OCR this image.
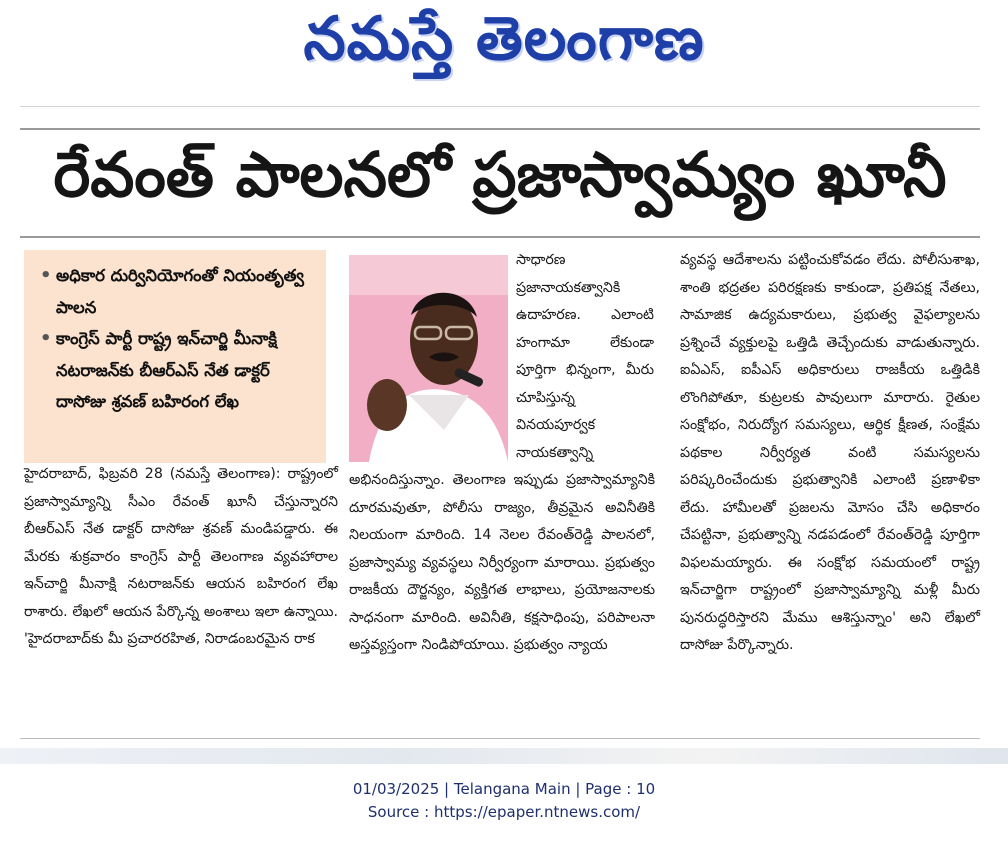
నమస్తే తెలంగాణ
రేవంత్ పాలనలో ప్రజాస్వామ్యం ఖూనీ
• అధికార దుర్వినియోగంతో నియంతృత్వ పాలన
• కాంగ్రెస్ పార్టీ రాష్ట్ర ఇన్‌చార్జి మీనాక్షి నటరాజన్‌కు బీఆర్‌ఎస్ నేత డాక్టర్ దాసోజు శ్రవణ్ బహిరంగ లేఖ
హైదరాబాద్, ఫిబ్రవరి 28 (నమస్తే తెలంగాణ): రాష్ట్రంలో ప్రజాస్వామ్యాన్ని సీఎం రేవంత్ ఖూనీ చేస్తున్నారని బీఆర్‌ఎస్ నేత డాక్టర్ దాసోజు శ్రవణ్ మండిపడ్డారు. ఈ మేరకు శుక్రవారం కాంగ్రెస్ పార్టీ తెలంగాణ వ్యవహారాల ఇన్‌చార్జి మీనాక్షి నటరాజన్‌కు ఆయన బహిరంగ లేఖ రాశారు. లేఖలో ఆయన పేర్కొన్న అంశాలు ఇలా ఉన్నాయి. 'హైదరాబాద్‌కు మీ ప్రచారరహిత, నిరాడంబరమైన రాక
సాధారణ ప్రజానాయకత్వానికి ఉదాహరణ. ఎలాంటి హంగామా లేకుండా పూర్తిగా భిన్నంగా, మీరు చూపిస్తున్న వినయపూర్వక నాయకత్వాన్ని
అభినందిస్తున్నాం. తెలంగాణ ఇప్పుడు ప్రజాస్వామ్యానికి దూరమవుతూ, పోలీసు రాజ్యం, తీవ్రమైన అవినీతికి నిలయంగా మారింది. 14 నెలల రేవంత్‌రెడ్డి పాలనలో, ప్రజాస్వామ్య వ్యవస్థలు నిర్వీర్యంగా మారాయి. ప్రభుత్వం రాజకీయ దౌర్జన్యం, వ్యక్తిగత లాభాలు, ప్రయోజనాలకు సాధనంగా మారింది. అవినీతి, కక్షసాధింపు, పరిపాలనా అస్తవ్యస్తంగా నిండిపోయాయి. ప్రభుత్వం న్యాయ
వ్యవస్థ ఆదేశాలను పట్టించుకోవడం లేదు. పోలీసుశాఖ, శాంతి భద్రతల పరిరక్షణకు కాకుండా, ప్రతిపక్ష నేతలు, సామాజిక ఉద్యమకారులు, ప్రభుత్వ వైఫల్యాలను ప్రశ్నించే వ్యక్తులపై ఒత్తిడి తెచ్చేందుకు వాడుతున్నారు. ఐఏఎస్, ఐపీఎస్ అధికారులు రాజకీయ ఒత్తిడికి లొంగిపోతూ, కుట్రలకు పావులుగా మారారు. రైతుల సంక్షోభం, నిరుద్యోగ సమస్యలు, ఆర్థిక క్షీణత, సంక్షేమ పథకాల నిర్వీర్యత వంటి సమస్యలను పరిష్కరించేందుకు ప్రభుత్వానికి ఎలాంటి ప్రణాళికా లేదు. హామీలతో ప్రజలను మోసం చేసి అధికారం చేపట్టినా, ప్రభుత్వాన్ని నడపడంలో రేవంత్‌రెడ్డి పూర్తిగా విఫలమయ్యారు. ఈ సంక్షోభ సమయంలో రాష్ట్ర ఇన్‌చార్జిగా రాష్ట్రంలో ప్రజాస్వామ్యాన్ని మళ్లీ మీరు పునరుద్ధరిస్తారని మేము ఆశిస్తున్నాం' అని లేఖలో దాసోజు పేర్కొన్నారు.
01/03/2025 | Telangana Main | Page : 10
Source : https://epaper.ntnews.com/
